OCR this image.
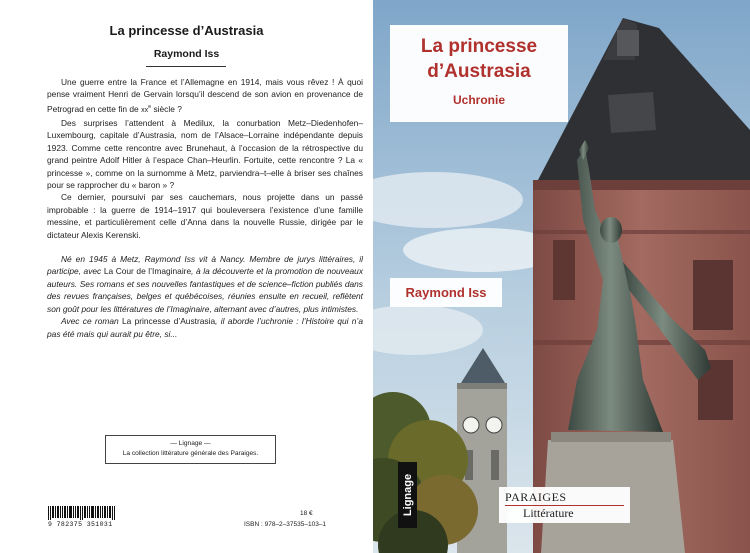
La princesse d’Austrasia
Raymond Iss

Une guerre entre la France et l’Allemagne en 1914, mais vous rêvez ! À quoi pense vraiment Henri de Gervain lorsqu’il descend de son avion en provenance de Petrograd en cette fin de $xx^e$ siècle ?

Des surprises l’attendent à Medilux, la conurbation Metz–Diedenhofen–Luxembourg, capitale d’Austrasia, nom de l’Alsace–Lorraine indépendante depuis 1923. Comme cette rencontre avec Brunehaut, à l’occasion de la rétrospective du grand peintre Adolf Hitler à l’espace Chan–Heurlin. Fortuite, cette rencontre ? La « princesse », comme on la surnomme à Metz, parviendra–t–elle à briser ses chaînes pour se rapprocher du « baron » ?

Ce dernier, poursuivi par ses cauchemars, nous projette dans un passé improbable : la guerre de 1914–1917 qui bouleversera l’existence d’une famille messine, et particulièrement celle d’Anna dans la nouvelle Russie, dirigée par le dictateur Alexis Kerenski.

Né en 1945 à Metz, Raymond Iss vit à Nancy. Membre de jurys littéraires, il participe, avec La Cour de l’Imaginaire, à la découverte et la promotion de nouveaux auteurs. Ses romans et ses nouvelles fantastiques et de science–fiction publiés dans des revues françaises, belges et québécoises, réunies ensuite en recueil, reflètent son goût pour les littératures de l’Imaginaire, alternant avec d’autres, plus intimistes.

Avec ce roman La princesse d’Austrasia, il aborde l’uchronie : l’Histoire qui n’a pas été mais qui aurait pu être, si...

— Lignage —
La collection littérature générale des Paraiges.
9 782375 351031
18 €
ISBN : 978–2–37535–103–1
La princesse
d’Austrasia
Uchronie
Raymond Iss
Lignage	PARAIGES
Littérature
